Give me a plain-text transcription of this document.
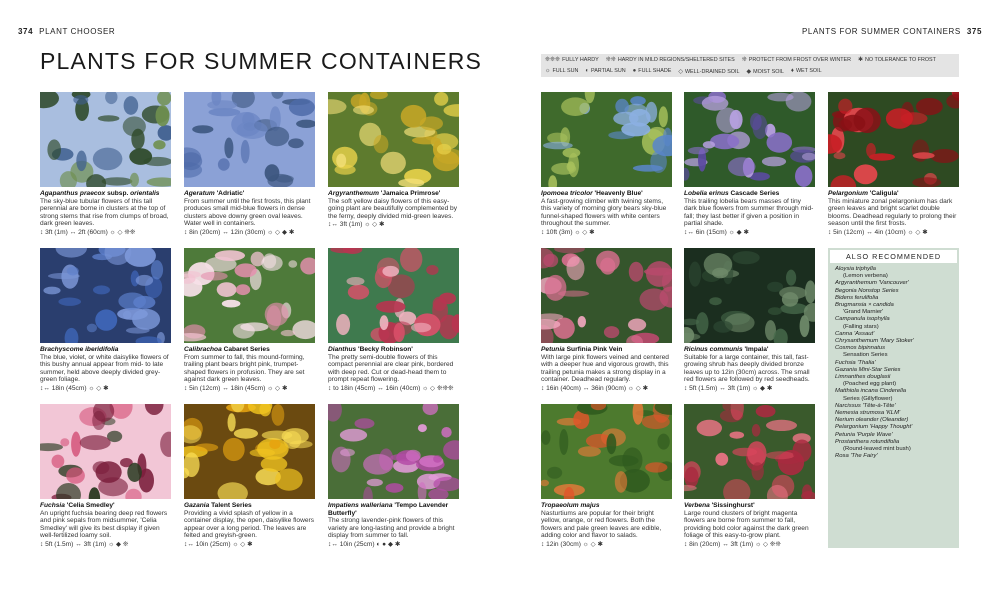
374 PLANT CHOOSER	PLANTS FOR SUMMER CONTAINERS 375
PLANTS FOR SUMMER CONTAINERS	❊❊❊ FULLY HARDY ❊❊ HARDY IN MILD REGIONS/SHELTERED SITES ❊ PROTECT FROM FROST OVER WINTER ✱ NO TOLERANCE TO FROST
☼ FULL SUN ◐ PARTIAL SUN ● FULL SHADE ◇ WELL-DRAINED SOIL ◆ MOIST SOIL ♦ WET SOIL
Agapanthus praecox subsp. orientalis
The sky-blue tubular flowers of this tall perennial are borne in clusters at the top of strong stems that rise from clumps of broad, dark green leaves.
↕ 3ft (1m) ↔ 2ft (60cm) ☼ ◇ ❊❊
Ageratum 'Adriatic'
From summer until the first frosts, this plant produces small mid-blue flowers in dense clusters above downy green oval leaves. Water well in containers.
↕ 8in (20cm) ↔ 12in (30cm) ☼ ◇ ◆ ✱
Argyranthemum 'Jamaica Primrose'
The soft yellow daisy flowers of this easy-going plant are beautifully complemented by the ferny, deeply divided mid-green leaves.
↕↔ 3ft (1m) ☼ ◇ ✱
Brachyscome iberidifolia
The blue, violet, or white daisylike flowers of this bushy annual appear from mid- to late summer, held above deeply divided grey-green foliage.
↕↔ 18in (45cm) ☼ ◇ ✱
Calibrachoa Cabaret Series
From summer to fall, this mound-forming, trailing plant bears bright pink, trumpet-shaped flowers in profusion. They are set against dark green leaves.
↕ 5in (12cm) ↔ 18in (45cm) ☼ ◇ ✱
Dianthus 'Becky Robinson'
The pretty semi-double flowers of this compact perennial are clear pink, bordered with deep red. Cut or dead-head them to prompt repeat flowering.
↕ to 18in (45cm) ↔ 16in (40cm) ☼ ◇ ❊❊❊
Fuchsia 'Celia Smedley'
An upright fuchsia bearing deep red flowers and pink sepals from midsummer, 'Celia Smedley' will give its best display if given well-fertilized loamy soil.
↕ 5ft (1.5m) ↔ 3ft (1m) ☼ ◆ ❊
Gazania Talent Series
Providing a vivid splash of yellow in a container display, the open, daisylike flowers appear over a long period. The leaves are felted and greyish-green.
↕↔ 10in (25cm) ☼ ◇ ✱
Impatiens walleriana 'Tempo Lavender Butterfly'
The strong lavender-pink flowers of this variety are long-lasting and provide a bright display from summer to fall.
↕↔ 10in (25cm) ◐ ● ◆ ✱
Ipomoea tricolor 'Heavenly Blue'
A fast-growing climber with twining stems, this variety of morning glory bears sky-blue funnel-shaped flowers with white centers throughout the summer.
↕ 10ft (3m) ☼ ◇ ✱
Lobelia erinus Cascade Series
This trailing lobelia bears masses of tiny dark blue flowers from summer through mid-fall; they last better if given a position in partial shade.
↕↔ 6in (15cm) ☼ ◆ ✱
Pelargonium 'Caligula'
This miniature zonal pelargonium has dark green leaves and bright scarlet double blooms. Deadhead regularly to prolong their season until the first frosts.
↕ 5in (12cm) ↔ 4in (10cm) ☼ ◇ ✱
Petunia Surfinia Pink Vein
With large pink flowers veined and centered with a deeper hue and vigorous growth, this trailing petunia makes a strong display in a container. Deadhead regularly.
↕ 16in (40cm) ↔ 36in (90cm) ☼ ◇ ✱
Ricinus communis 'Impala'
Suitable for a large container, this tall, fast-growing shrub has deeply divided bronze leaves up to 12in (30cm) across. The small red flowers are followed by red seedheads.
↕ 5ft (1.5m) ↔ 3ft (1m) ☼ ◆ ✱
Tropaeolum majus
Nasturtiums are popular for their bright yellow, orange, or red flowers. Both the flowers and pale green leaves are edible, adding color and flavor to salads.
↕ 12in (30cm) ☼ ◇ ✱
Verbena 'Sissinghurst'
Large round clusters of bright magenta flowers are borne from summer to fall, providing bold color against the dark green foliage of this easy-to-grow plant.
↕ 8in (20cm) ↔ 3ft (1m) ☼ ◇ ❊❊
ALSO RECOMMENDED
Aloysia triphylla
(Lemon verbena)
Argyranthemum 'Vancouver'
Begonia Nonstop Series
Bidens ferulifolia
Brugmansia × candida
'Grand Marnier'
Campanula isophylla
(Falling stars)
Canna 'Assaut'
Chrysanthemum 'Mary Stoker'
Cosmos bipinnatus
Sensation Series
Fuchsia 'Thalia'
Gazania Mini-Star Series
Limnanthes douglasii
(Poached egg plant)
Matthiola incana Cinderella
Series (Gillyflower)
Narcissus 'Tête-à-Tête'
Nemesia strumosa 'KLM'
Nerium oleander (Oleander)
Pelargonium 'Happy Thought'
Petunia 'Purple Wave'
Prostanthera rotundifolia
(Round-leaved mint bush)
Rosa 'The Fairy'
